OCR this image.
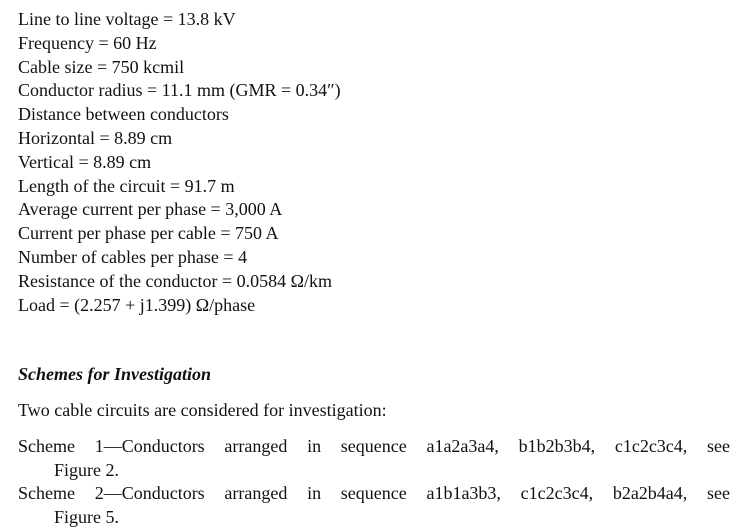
Line to line voltage = 13.8 kV
Frequency = 60 Hz
Cable size = 750 kcmil
Conductor radius = 11.1 mm (GMR = 0.34″)
Distance between conductors
Horizontal = 8.89 cm
Vertical = 8.89 cm
Length of the circuit = 91.7 m
Average current per phase = 3,000 A
Current per phase per cable = 750 A
Number of cables per phase = 4
Resistance of the conductor = 0.0584 Ω/km
Load = (2.257 + j1.399) Ω/phase
Schemes for Investigation
Two cable circuits are considered for investigation:
Scheme 1—Conductors arranged in sequence a1a2a3a4, b1b2b3b4, c1c2c3c4, see
Figure 2.
Scheme 2—Conductors arranged in sequence a1b1a3b3, c1c2c3c4, b2a2b4a4, see
Figure 5.
